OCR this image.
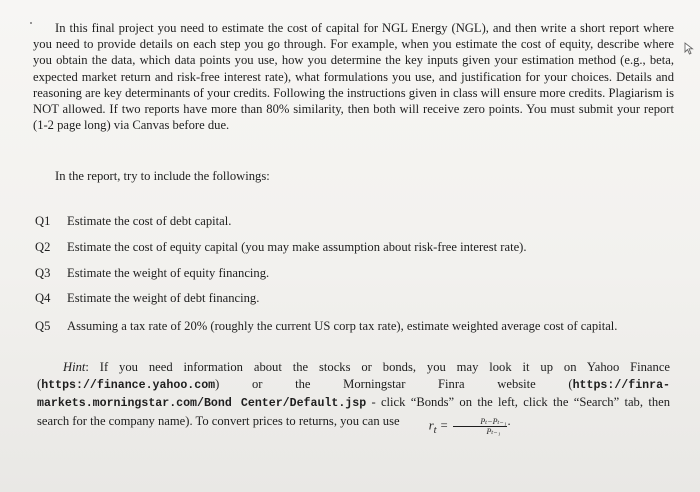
In this final project you need to estimate the cost of capital for NGL Energy (NGL), and then write a short report where you need to provide details on each step you go through. For example, when you estimate the cost of equity, describe where you obtain the data, which data points you use, how you determine the key inputs given your estimation method (e.g., beta, expected market return and risk-free interest rate), what formulations you use, and justification for your choices. Details and reasoning are key determinants of your credits. Following the instructions given in class will ensure more credits. Plagiarism is NOT allowed. If two reports have more than 80% similarity, then both will receive zero points. You must submit your report (1-2 page long) via Canvas before due.

In the report, try to include the followings:

Q1 Estimate the cost of debt capital.
Q2 Estimate the cost of equity capital (you may make assumption about risk-free interest rate).
Q3 Estimate the weight of equity financing.
Q4 Estimate the weight of debt financing.
Q5 Assuming a tax rate of 20% (roughly the current US corp tax rate), estimate weighted average cost of capital.

Hint: If you need information about the stocks or bonds, you may look it up on Yahoo Finance (https://finance.yahoo.com) or the Morningstar Finra website (https://finra-markets.morningstar.com/Bond Center/Default.jsp - click “Bonds” on the left, click the “Search” tab, then search for the company name). To convert prices to returns, you can use $r_t = \frac{\text{Pₜ−Pₜ₋₁}}{\text{Pₜ₋₁}}$ .
